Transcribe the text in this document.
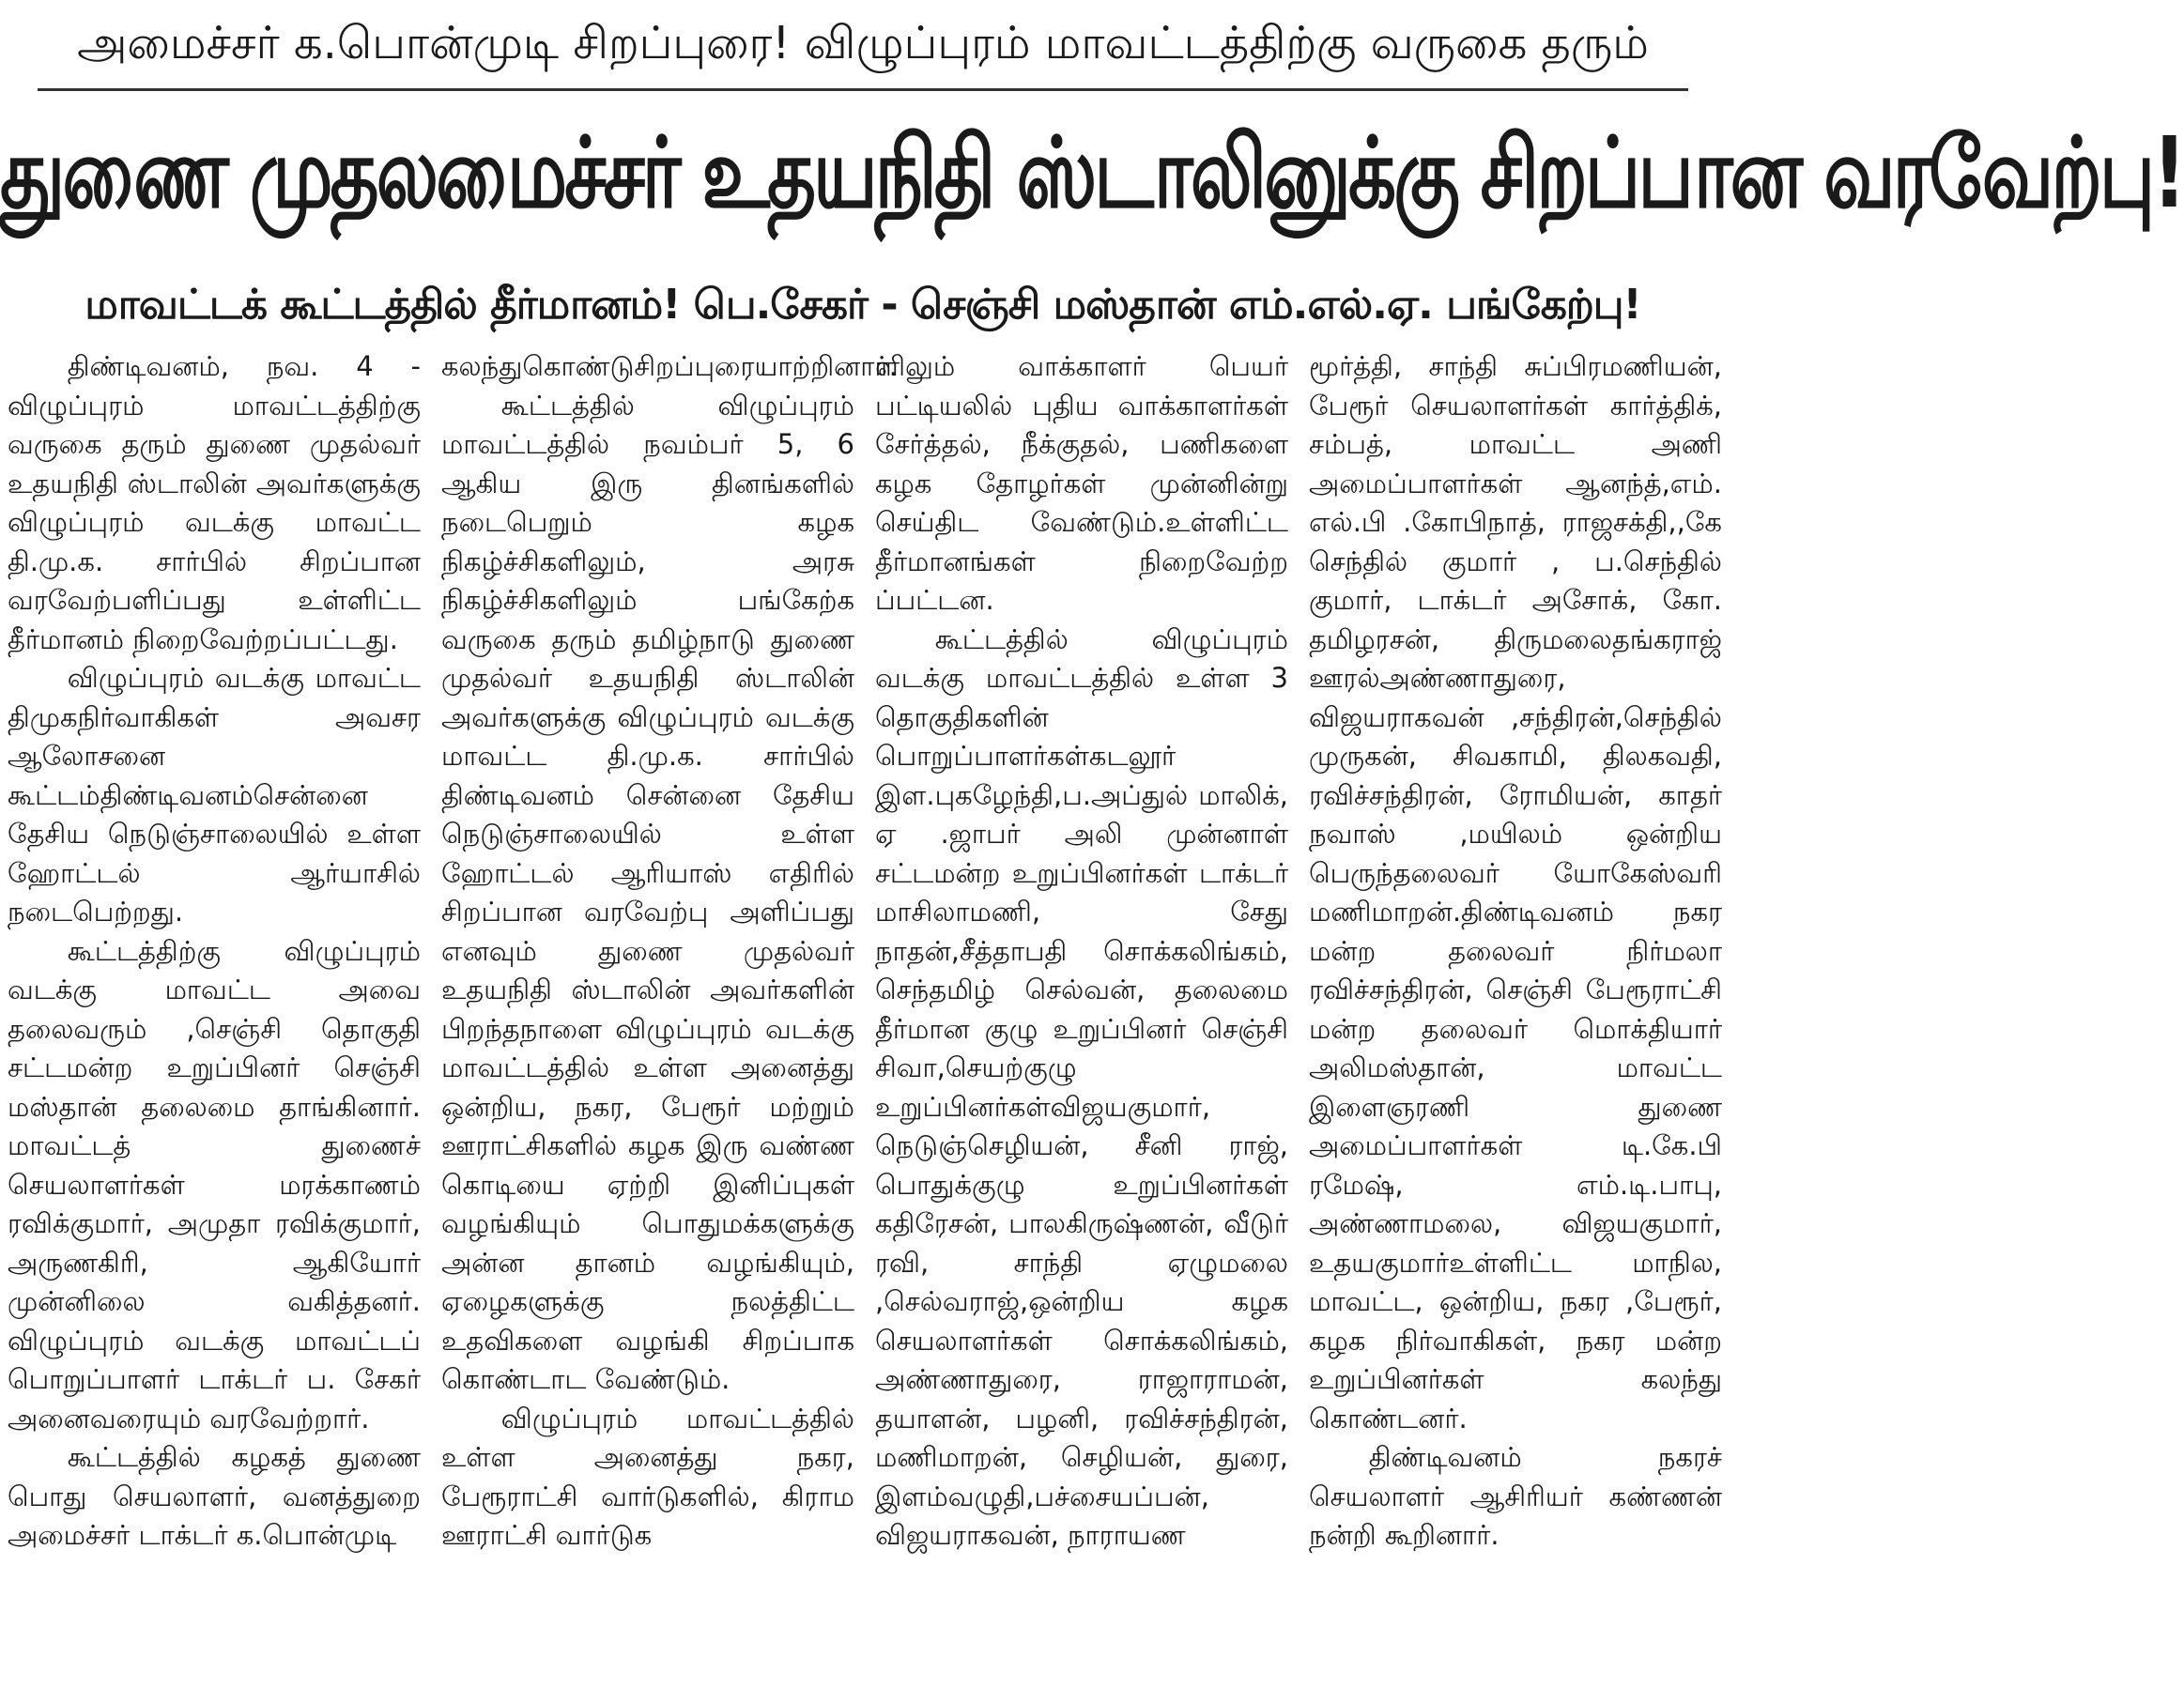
அமைச்சர் க.பொன்முடி சிறப்புரை! விழுப்புரம் மாவட்டத்திற்கு வருகை தரும்
துணை முதலமைச்சர் உதயநிதி ஸ்டாலினுக்கு சிறப்பான வரவேற்பு!
மாவட்டக் கூட்டத்தில் தீர்மானம்! பெ.சேகர் - செஞ்சி மஸ்தான் எம்.எல்.ஏ. பங்கேற்பு!

திண்டிவனம், நவ. 4 - விழுப்புரம் மாவட்டத்திற்கு வருகை தரும் துணை முதல்வர் உதயநிதி ஸ்டாலின் அவர்களுக்கு விழுப்புரம் வடக்கு மாவட்ட தி.மு.க. சார்பில் சிறப்பான வரவேற்பளிப்பது உள்ளிட்ட தீர்மானம் நிறைவேற்றப்பட்டது.

விழுப்புரம் வடக்கு மாவட்ட திமுகநிர்வாகிகள் அவசர ஆலோசனை கூட்டம்திண்டிவனம்சென்னை தேசிய நெடுஞ்சாலையில் உள்ள ஹோட்டல் ஆர்யாசில் நடைபெற்றது.

கூட்டத்திற்கு விழுப்புரம் வடக்கு மாவட்ட அவை தலைவரும் ,செஞ்சி தொகுதி சட்டமன்ற உறுப்பினர் செஞ்சி மஸ்தான் தலைமை தாங்கினார். மாவட்டத் துணைச் செயலாளர்கள் மரக்காணம் ரவிக்குமார், அமுதா ரவிக்குமார், அருணகிரி, ஆகியோர் முன்னிலை வகித்தனர். விழுப்புரம் வடக்கு மாவட்டப் பொறுப்பாளர் டாக்டர் ப. சேகர் அனைவரையும் வரவேற்றார்.

கூட்டத்தில் கழகத் துணை பொது செயலாளர், வனத்துறை அமைச்சர் டாக்டர் க.பொன்முடி

கலந்துகொண்டுசிறப்புரையாற்றினார்.

கூட்டத்தில் விழுப்புரம் மாவட்டத்தில் நவம்பர் 5, 6 ஆகிய இரு தினங்களில் நடைபெறும் கழக நிகழ்ச்சிகளிலும், அரசு நிகழ்ச்சிகளிலும் பங்கேற்க வருகை தரும் தமிழ்நாடு துணை முதல்வர் உதயநிதி ஸ்டாலின் அவர்களுக்கு விழுப்புரம் வடக்கு மாவட்ட தி.மு.க. சார்பில் திண்டிவனம் சென்னை தேசிய நெடுஞ்சாலையில் உள்ள ஹோட்டல் ஆரியாஸ் எதிரில் சிறப்பான வரவேற்பு அளிப்பது எனவும் துணை முதல்வர் உதயநிதி ஸ்டாலின் அவர்களின் பிறந்தநாளை விழுப்புரம் வடக்கு மாவட்டத்தில் உள்ள அனைத்து ஒன்றிய, நகர, பேரூர் மற்றும் ஊராட்சிகளில் கழக இரு வண்ண கொடியை ஏற்றி இனிப்புகள் வழங்கியும் பொதுமக்களுக்கு அன்ன தானம் வழங்கியும், ஏழைகளுக்கு நலத்திட்ட உதவிகளை வழங்கி சிறப்பாக கொண்டாட வேண்டும்.

விழுப்புரம் மாவட்டத்தில் உள்ள அனைத்து நகர, பேரூராட்சி வார்டுகளில், கிராம ஊராட்சி வார்டுக

ளிலும் வாக்காளர் பெயர் பட்டியலில் புதிய வாக்காளர்கள் சேர்த்தல், நீக்குதல், பணிகளை கழக தோழர்கள் முன்னின்று செய்திட வேண்டும்.உள்ளிட்ட தீர்மானங்கள் நிறைவேற்ற ப்பட்டன.

கூட்டத்தில் விழுப்புரம் வடக்கு மாவட்டத்தில் உள்ள 3 தொகுதிகளின் பொறுப்பாளர்கள்கடலூர் இள.புகழேந்தி,ப.அப்துல் மாலிக், ஏ .ஜாபர் அலி முன்னாள் சட்டமன்ற உறுப்பினர்கள் டாக்டர் மாசிலாமணி, சேது நாதன்,சீத்தாபதி சொக்கலிங்கம், செந்தமிழ் செல்வன், தலைமை தீர்மான குழு உறுப்பினர் செஞ்சி சிவா,செயற்குழு உறுப்பினர்கள்விஜயகுமார், நெடுஞ்செழியன், சீனி ராஜ், பொதுக்குழு உறுப்பினர்கள் கதிரேசன், பாலகிருஷ்ணன், வீடுர் ரவி, சாந்தி ஏழுமலை ,செல்வராஜ்,ஒன்றிய கழக செயலாளர்கள் சொக்கலிங்கம், அண்ணாதுரை, ராஜாராமன், தயாளன், பழனி, ரவிச்சந்திரன், மணிமாறன், செழியன், துரை, இளம்வழுதி,பச்சையப்பன், விஜயராகவன், நாராயண

மூர்த்தி, சாந்தி சுப்பிரமணியன், பேரூர் செயலாளர்கள் கார்த்திக், சம்பத், மாவட்ட அணி அமைப்பாளர்கள் ஆனந்த்,எம். எல்.பி .கோபிநாத், ராஜசக்தி,,கே செந்தில் குமார் , ப.செந்தில் குமார், டாக்டர் அசோக், கோ. தமிழரசன், திருமலைதங்கராஜ் ஊரல்அண்ணாதுரை, விஜயராகவன் ,சந்திரன்,செந்தில் முருகன், சிவகாமி, திலகவதி, ரவிச்சந்திரன், ரோமியன், காதர் நவாஸ் ,மயிலம் ஒன்றிய பெருந்தலைவர் யோகேஸ்வரி மணிமாறன்.திண்டிவனம் நகர மன்ற தலைவர் நிர்மலா ரவிச்சந்திரன், செஞ்சி பேரூராட்சி மன்ற தலைவர் மொக்தியார் அலிமஸ்தான், மாவட்ட இளைஞரணி துணை அமைப்பாளர்கள் டி.கே.பி ரமேஷ், எம்.டி.பாபு, அண்ணாமலை, விஜயகுமார், உதயகுமார்உள்ளிட்ட மாநில, மாவட்ட, ஒன்றிய, நகர ,பேரூர், கழக நிர்வாகிகள், நகர மன்ற உறுப்பினர்கள் கலந்து கொண்டனர்.

திண்டிவனம் நகரச் செயலாளர் ஆசிரியர் கண்ணன் நன்றி கூறினார்.
